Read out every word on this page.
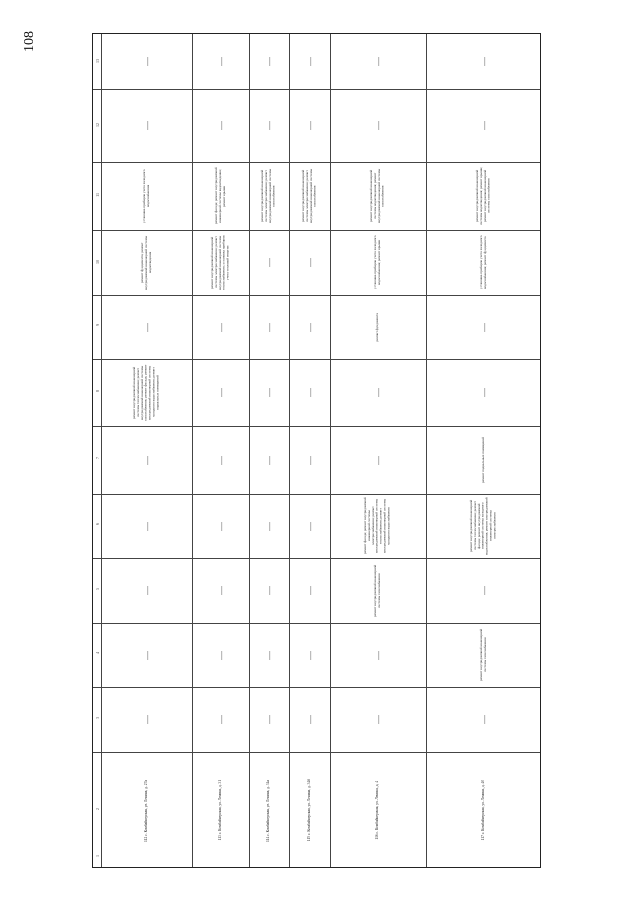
108
13
12
11
10
9
8
7
6
5
4
3
2
1
—
—
установка приборов учета холодного водоснабжения
ремонт фундамента; ремонт внутридомовой инженерной системы водоотведения
—
ремонт внутридомовой инженерной системы теплоснабжения; ремонт внутридомовой инженерной системы газоснабжения; ремонт фасада; ремонт внутридомовой инженерной системы холодного водоснабжения; ремонт подвальных помещений
—
—
—
—
—
112 с. Комбайнерская, ул. Ленина, д. 27а
—
—
ремонт фасада; ремонт внутридомовой инженерной системы водоотведения; ремонт крыши
ремонт внутридомовой инженерной системы электроснабжения; ремонт внутридомовой инженерной системы теплоснабжения; установка приборов учета тепловой энергии
—
—
—
—
—
—
—
113 с. Комбайнерская, ул. Ленина, д. 31
—
—
ремонт внутридомовой инженерной системы электроснабжения; ремонт внутридомовой инженерной системы газоснабжения
—
—
—
—
—
—
—
—
114 с. Комбайнерская, ул. Ленина, д. 34а
—
—
ремонт внутридомовой инженерной системы электроснабжения; ремонт внутридомовой инженерной системы газоснабжения
—
—
—
—
—
—
—
—
115 с. Комбайнерская, ул. Ленина, д. 34б
—
—
ремонт внутридомовой инженерной системы водоотведения; ремонт внутридомовой инженерной системы газоснабжения
установка приборов учета холодного водоснабжения; ремонт крыши
ремонт фундамента
—
—
ремонт фасада; ремонт внутридомовой инженерной системы электроснабжения; ремонт внутридомовой инженерной системы теплоснабжения; ремонт внутридомовой инженерной системы холодного водоснабжения
ремонт внутридомовой инженерной системы газоснабжения
—
—
116 с. Комбайнерская, ул. Ленина, д. 4
—
—
ремонт внутридомовой инженерной системы водоотведения; ремонт крыши; ремонт внутридомовой инженерной системы газоснабжения
установка приборов учета холодного водоснабжения; ремонт фундамента
—
—
ремонт подвальных помещений
ремонт внутридомовой инженерной системы теплоснабжения; ремонт фасада; ремонт внутридомовой инженерной системы холодного водоснабжения; ремонт внутридомовой инженерной системы электроснабжения
—
ремонт внутридомовой инженерной системы газоснабжения
—
117 с. Комбайнерская, ул. Ленина, д. 40
